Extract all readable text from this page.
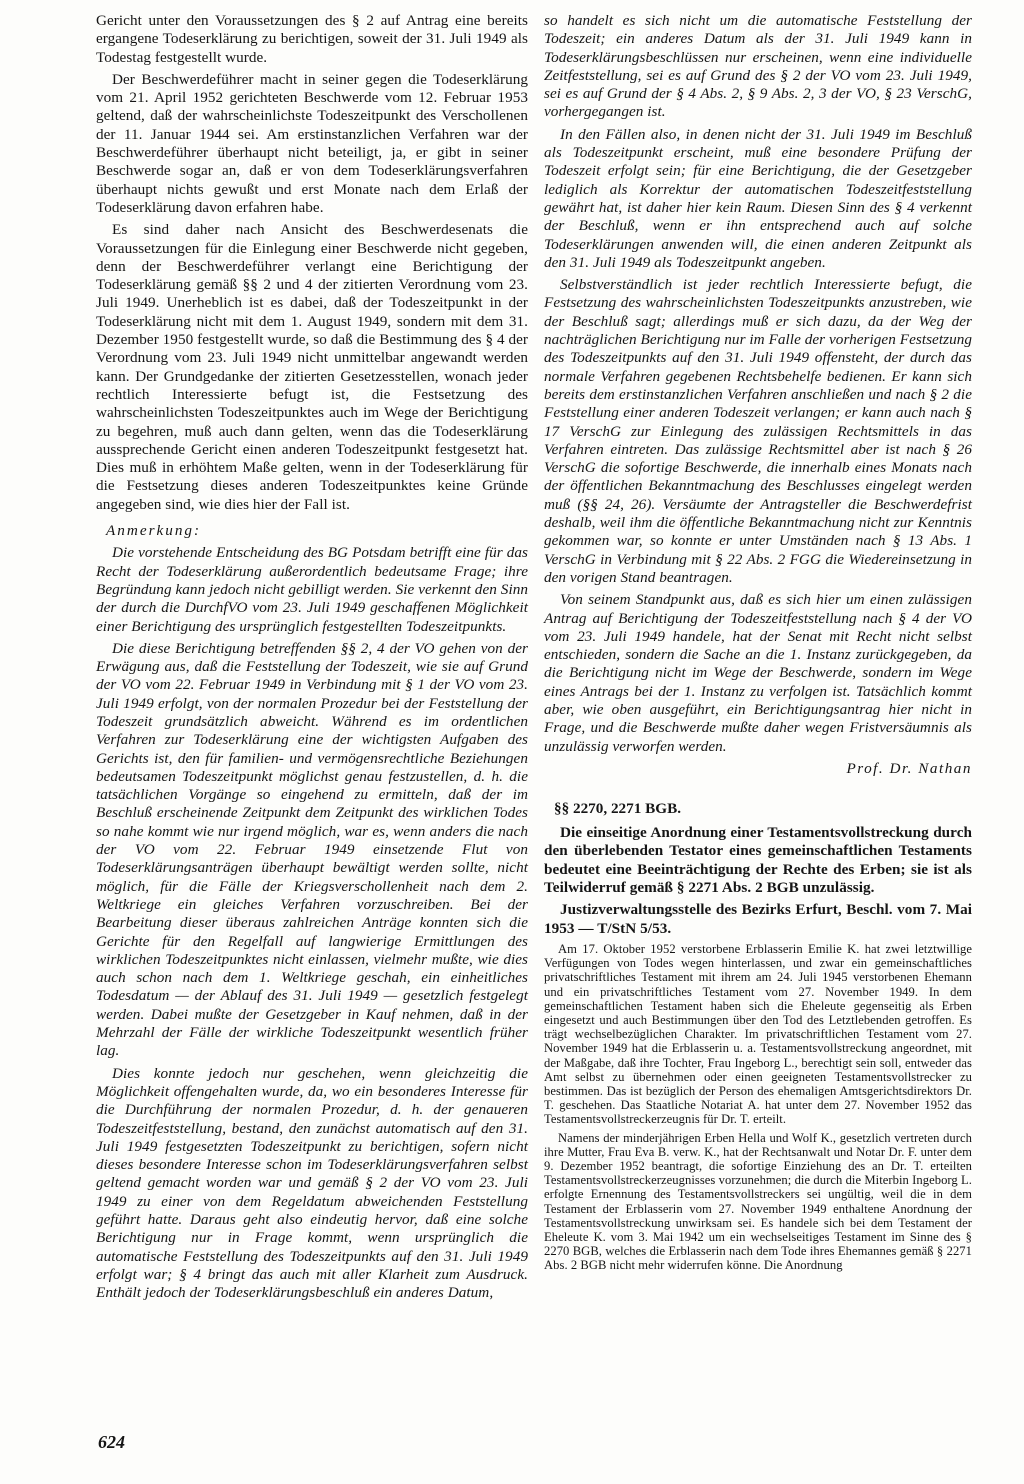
Gericht unter den Voraussetzungen des § 2 auf Antrag eine bereits ergangene Todeserklärung zu berichtigen, soweit der 31. Juli 1949 als Todestag festgestellt wurde.

Der Beschwerdeführer macht in seiner gegen die Todeserklärung vom 21. April 1952 gerichteten Beschwerde vom 12. Februar 1953 geltend, daß der wahrscheinlichste Todeszeitpunkt des Verschollenen der 11. Januar 1944 sei. Am erstinstanzlichen Verfahren war der Beschwerdeführer überhaupt nicht beteiligt, ja, er gibt in seiner Beschwerde sogar an, daß er von dem Todeserklärungsverfahren überhaupt nichts gewußt und erst Monate nach dem Erlaß der Todeserklärung davon erfahren habe.

Es sind daher nach Ansicht des Beschwerdesenats die Voraussetzungen für die Einlegung einer Beschwerde nicht gegeben, denn der Beschwerdeführer verlangt eine Berichtigung der Todeserklärung gemäß §§ 2 und 4 der zitierten Verordnung vom 23. Juli 1949. Unerheblich ist es dabei, daß der Todeszeitpunkt in der Todeserklärung nicht mit dem 1. August 1949, sondern mit dem 31. Dezember 1950 festgestellt wurde, so daß die Bestimmung des § 4 der Verordnung vom 23. Juli 1949 nicht unmittelbar angewandt werden kann. Der Grundgedanke der zitierten Gesetzesstellen, wonach jeder rechtlich Interessierte befugt ist, die Festsetzung des wahrscheinlichsten Todeszeitpunktes auch im Wege der Berichtigung zu begehren, muß auch dann gelten, wenn das die Todeserklärung aussprechende Gericht einen anderen Todeszeitpunkt festgesetzt hat. Dies muß in erhöhtem Maße gelten, wenn in der Todeserklärung für die Festsetzung dieses anderen Todeszeitpunktes keine Gründe angegeben sind, wie dies hier der Fall ist.

Anmerkung:

Die vorstehende Entscheidung des BG Potsdam betrifft eine für das Recht der Todeserklärung außerordentlich bedeutsame Frage; ihre Begründung kann jedoch nicht gebilligt werden. Sie verkennt den Sinn der durch die DurchfVO vom 23. Juli 1949 geschaffenen Möglichkeit einer Berichtigung des ursprünglich festgestellten Todeszeitpunkts.

Die diese Berichtigung betreffenden §§ 2, 4 der VO gehen von der Erwägung aus, daß die Feststellung der Todeszeit, wie sie auf Grund der VO vom 22. Februar 1949 in Verbindung mit § 1 der VO vom 23. Juli 1949 erfolgt, von der normalen Prozedur bei der Feststellung der Todeszeit grundsätzlich abweicht. Während es im ordentlichen Verfahren zur Todeserklärung eine der wichtigsten Aufgaben des Gerichts ist, den für familien- und vermögensrechtliche Beziehungen bedeutsamen Todeszeitpunkt möglichst genau festzustellen, d. h. die tatsächlichen Vorgänge so eingehend zu ermitteln, daß der im Beschluß erscheinende Zeitpunkt dem Zeitpunkt des wirklichen Todes so nahe kommt wie nur irgend möglich, war es, wenn anders die nach der VO vom 22. Februar 1949 einsetzende Flut von Todeserklärungsanträgen überhaupt bewältigt werden sollte, nicht möglich, für die Fälle der Kriegsverschollenheit nach dem 2. Weltkriege ein gleiches Verfahren vorzuschreiben. Bei der Bearbeitung dieser überaus zahlreichen Anträge konnten sich die Gerichte für den Regelfall auf langwierige Ermittlungen des wirklichen Todeszeitpunktes nicht einlassen, vielmehr mußte, wie dies auch schon nach dem 1. Weltkriege geschah, ein einheitliches Todesdatum — der Ablauf des 31. Juli 1949 — gesetzlich festgelegt werden. Dabei mußte der Gesetzgeber in Kauf nehmen, daß in der Mehrzahl der Fälle der wirkliche Todeszeitpunkt wesentlich früher lag.

Dies konnte jedoch nur geschehen, wenn gleichzeitig die Möglichkeit offengehalten wurde, da, wo ein besonderes Interesse für die Durchführung der normalen Prozedur, d. h. der genaueren Todeszeitfeststellung, bestand, den zunächst automatisch auf den 31. Juli 1949 festgesetzten Todeszeitpunkt zu berichtigen, sofern nicht dieses besondere Interesse schon im Todeserklärungsverfahren selbst geltend gemacht worden war und gemäß § 2 der VO vom 23. Juli 1949 zu einer von dem Regeldatum abweichenden Feststellung geführt hatte. Daraus geht also eindeutig hervor, daß eine solche Berichtigung nur in Frage kommt, wenn ursprünglich die automatische Feststellung des Todeszeitpunkts auf den 31. Juli 1949 erfolgt war; § 4 bringt das auch mit aller Klarheit zum Ausdruck. Enthält jedoch der Todeserklärungsbeschluß ein anderes Datum,

so handelt es sich nicht um die automatische Feststellung der Todeszeit; ein anderes Datum als der 31. Juli 1949 kann in Todeserklärungsbeschlüssen nur erscheinen, wenn eine individuelle Zeitfeststellung, sei es auf Grund des § 2 der VO vom 23. Juli 1949, sei es auf Grund der § 4 Abs. 2, § 9 Abs. 2, 3 der VO, § 23 VerschG, vorhergegangen ist.

In den Fällen also, in denen nicht der 31. Juli 1949 im Beschluß als Todeszeitpunkt erscheint, muß eine besondere Prüfung der Todeszeit erfolgt sein; für eine Berichtigung, die der Gesetzgeber lediglich als Korrektur der automatischen Todeszeitfeststellung gewährt hat, ist daher hier kein Raum. Diesen Sinn des § 4 verkennt der Beschluß, wenn er ihn entsprechend auch auf solche Todeserklärungen anwenden will, die einen anderen Zeitpunkt als den 31. Juli 1949 als Todeszeitpunkt angeben.

Selbstverständlich ist jeder rechtlich Interessierte befugt, die Festsetzung des wahrscheinlichsten Todeszeitpunkts anzustreben, wie der Beschluß sagt; allerdings muß er sich dazu, da der Weg der nachträglichen Berichtigung nur im Falle der vorherigen Festsetzung des Todeszeitpunkts auf den 31. Juli 1949 offensteht, der durch das normale Verfahren gegebenen Rechtsbehelfe bedienen. Er kann sich bereits dem erstinstanzlichen Verfahren anschließen und nach § 2 die Feststellung einer anderen Todeszeit verlangen; er kann auch nach § 17 VerschG zur Einlegung des zulässigen Rechtsmittels in das Verfahren eintreten. Das zulässige Rechtsmittel aber ist nach § 26 VerschG die sofortige Beschwerde, die innerhalb eines Monats nach der öffentlichen Bekanntmachung des Beschlusses eingelegt werden muß (§§ 24, 26). Versäumte der Antragsteller die Beschwerdefrist deshalb, weil ihm die öffentliche Bekanntmachung nicht zur Kenntnis gekommen war, so konnte er unter Umständen nach § 13 Abs. 1 VerschG in Verbindung mit § 22 Abs. 2 FGG die Wiedereinsetzung in den vorigen Stand beantragen.

Von seinem Standpunkt aus, daß es sich hier um einen zulässigen Antrag auf Berichtigung der Todeszeitfeststellung nach § 4 der VO vom 23. Juli 1949 handele, hat der Senat mit Recht nicht selbst entschieden, sondern die Sache an die 1. Instanz zurückgegeben, da die Berichtigung nicht im Wege der Beschwerde, sondern im Wege eines Antrags bei der 1. Instanz zu verfolgen ist. Tatsächlich kommt aber, wie oben ausgeführt, ein Berichtigungsantrag hier nicht in Frage, und die Beschwerde mußte daher wegen Fristversäumnis als unzulässig verworfen werden.

Prof. Dr. Nathan
§§ 2270, 2271 BGB.

Die einseitige Anordnung einer Testamentsvollstreckung durch den überlebenden Testator eines gemeinschaftlichen Testaments bedeutet eine Beeinträchtigung der Rechte des Erben; sie ist als Teilwiderruf gemäß § 2271 Abs. 2 BGB unzulässig.

Justizverwaltungsstelle des Bezirks Erfurt, Beschl. vom 7. Mai 1953 — T/StN 5/53.

Am 17. Oktober 1952 verstorbene Erblasserin Emilie K. hat zwei letztwillige Verfügungen von Todes wegen hinterlassen, und zwar ein gemeinschaftliches privatschriftliches Testament mit ihrem am 24. Juli 1945 verstorbenen Ehemann und ein privatschriftliches Testament vom 27. November 1949. In dem gemeinschaftlichen Testament haben sich die Eheleute gegenseitig als Erben eingesetzt und auch Bestimmungen über den Tod des Letztlebenden getroffen. Es trägt wechselbezüglichen Charakter. Im privatschriftlichen Testament vom 27. November 1949 hat die Erblasserin u. a. Testamentsvollstreckung angeordnet, mit der Maßgabe, daß ihre Tochter, Frau Ingeborg L., berechtigt sein soll, entweder das Amt selbst zu übernehmen oder einen geeigneten Testamentsvollstrecker zu bestimmen. Das ist bezüglich der Person des ehemaligen Amtsgerichtsdirektors Dr. T. geschehen. Das Staatliche Notariat A. hat unter dem 27. November 1952 das Testamentsvollstreckerzeugnis für Dr. T. erteilt.

Namens der minderjährigen Erben Hella und Wolf K., gesetzlich vertreten durch ihre Mutter, Frau Eva B. verw. K., hat der Rechtsanwalt und Notar Dr. F. unter dem 9. Dezember 1952 beantragt, die sofortige Einziehung des an Dr. T. erteilten Testamentsvollstreckerzeugnisses vorzunehmen; die durch die Miterbin Ingeborg L. erfolgte Ernennung des Testamentsvollstreckers sei ungültig, weil die in dem Testament der Erblasserin vom 27. November 1949 enthaltene Anordnung der Testamentsvollstreckung unwirksam sei. Es handele sich bei dem Testament der Eheleute K. vom 3. Mai 1942 um ein wechselseitiges Testament im Sinne des § 2270 BGB, welches die Erblasserin nach dem Tode ihres Ehemannes gemäß § 2271 Abs. 2 BGB nicht mehr widerrufen könne. Die Anordnung

624
